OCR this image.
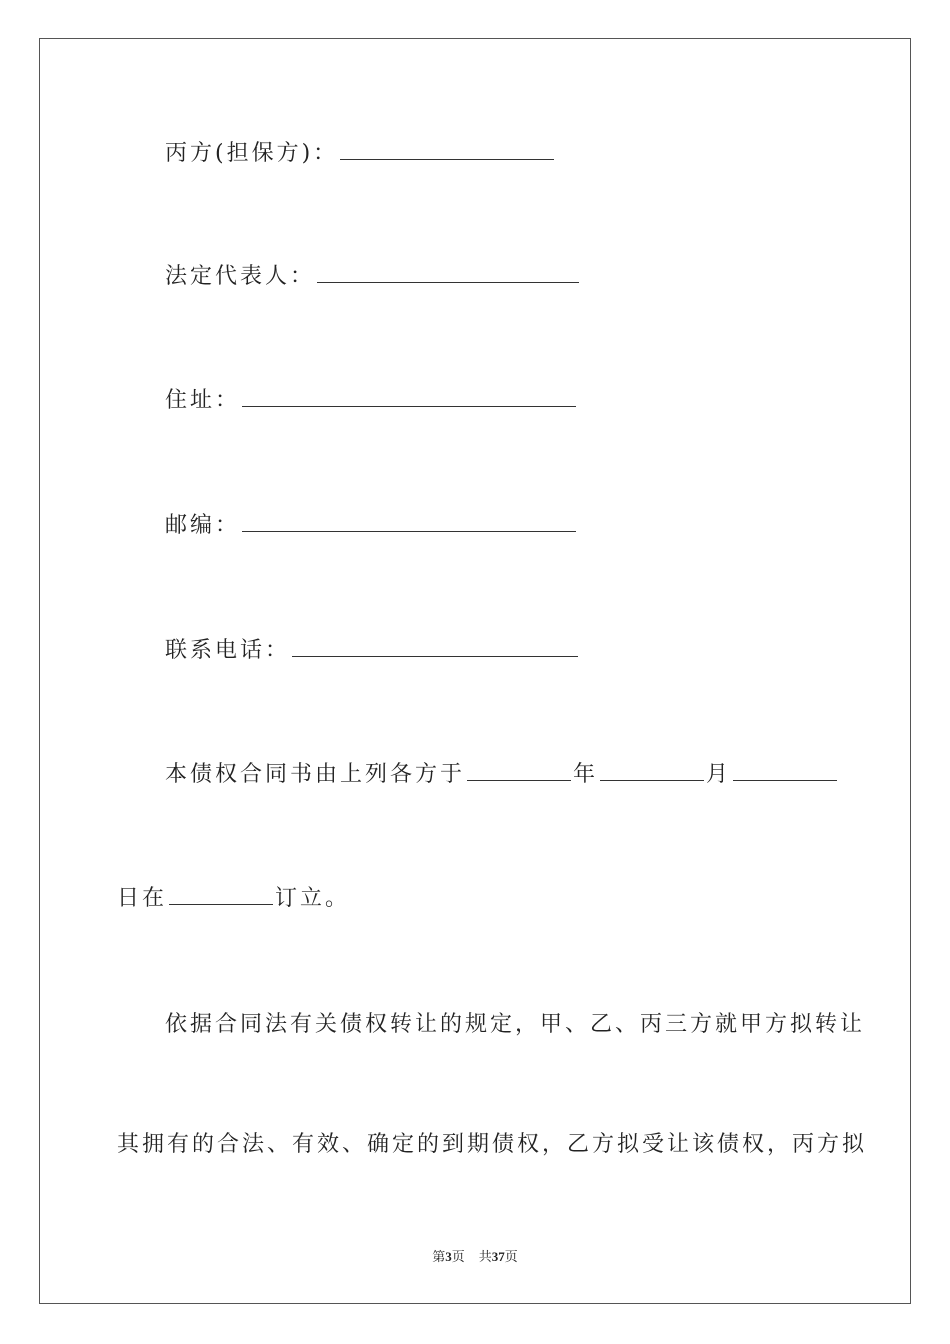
丙方(担保方)：
法定代表人：
住址：
邮编：
联系电话：
本债权合同书由上列各方于	年	月
日在	订立。
依据合同法有关债权转让的规定，甲、乙、丙三方就甲方拟转让
其拥有的合法、有效、确定的到期债权，乙方拟受让该债权，丙方拟
第3页 共37页
